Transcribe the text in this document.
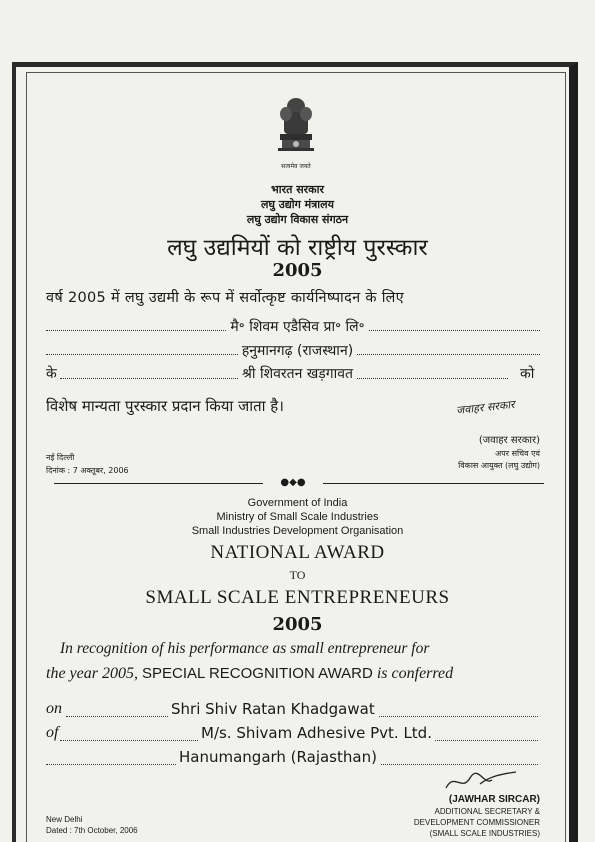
सत्यमेव जयते
भारत सरकार
लघु उद्योग मंत्रालय
लघु उद्योग विकास संगठन
लघु उद्यमियों को राष्ट्रीय पुरस्कार
2005
वर्ष 2005 में लघु उद्यमी के रूप में सर्वोत्कृष्ट कार्यनिष्पादन के लिए
मै॰ शिवम एडैसिव प्रा॰ लि॰
हनुमानगढ़ (राजस्थान)
के	श्री शिवरतन खड़गावत	को
विशेष मान्यता पुरस्कार प्रदान किया जाता है।	जवाहर सरकार
(जवाहर सरकार)
अपर सचिव एवं
विकास आयुक्त (लघु उद्योग)
नई दिल्ली
दिनांक : 7 अक्तूबर, 2006
●◆●
Government of India
Ministry of Small Scale Industries
Small Industries Development Organisation
NATIONAL AWARD
TO
SMALL SCALE ENTREPRENEURS
2005
In recognition of his performance as small entrepreneur for
the year 2005, SPECIAL RECOGNITION AWARD is conferred
on	Shri Shiv Ratan Khadgawat
of	M/s. Shivam Adhesive Pvt. Ltd.
Hanumangarh (Rajasthan)
(JAWHAR SIRCAR)
ADDITIONAL SECRETARY &
DEVELOPMENT COMMISSIONER
(SMALL SCALE INDUSTRIES)
New Delhi
Dated : 7th October, 2006
